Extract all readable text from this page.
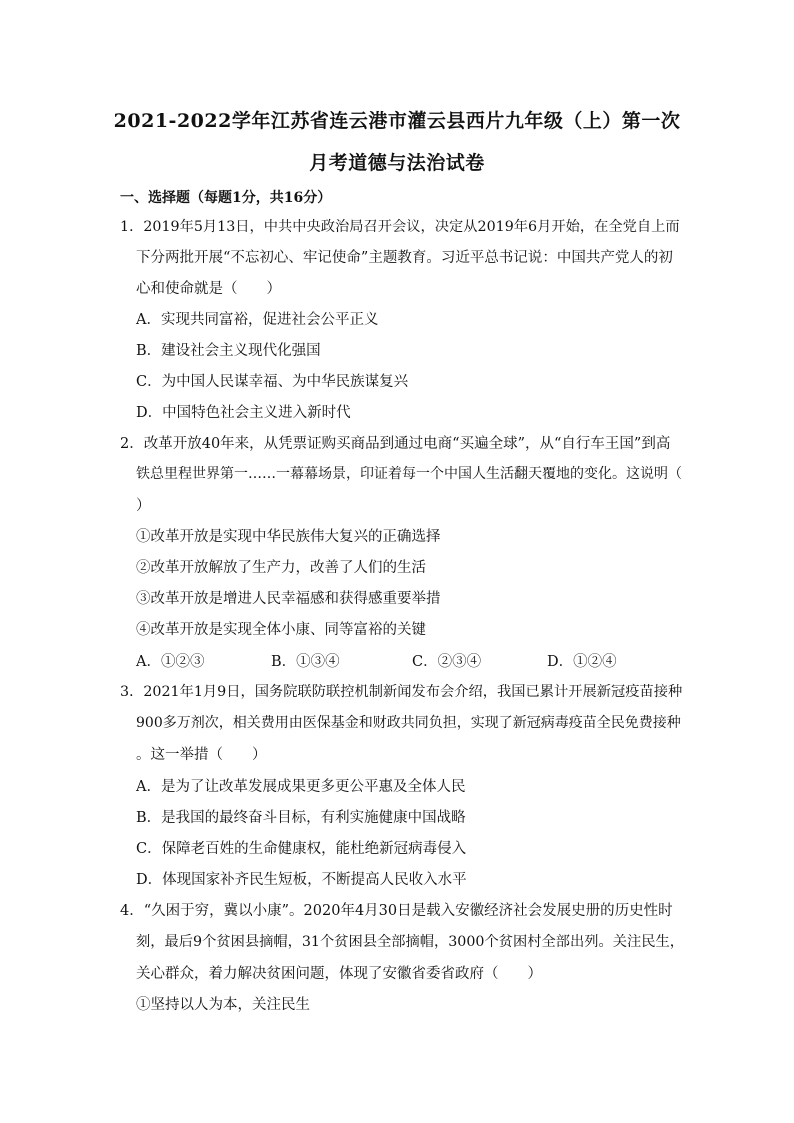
2021-2022学年江苏省连云港市灌云县西片九年级（上）第一次
月考道德与法治试卷
一、选择题（每题1分，共16分）
1．2019年5月13日，中共中央政治局召开会议，决定从2019年6月开始，在全党自上而
下分两批开展“不忘初心、牢记使命”主题教育。习近平总书记说：中国共产党人的初
心和使命就是（　　）
A．实现共同富裕，促进社会公平正义
B．建设社会主义现代化强国
C．为中国人民谋幸福、为中华民族谋复兴
D．中国特色社会主义进入新时代
2．改革开放40年来，从凭票证购买商品到通过电商“买遍全球”，从“自行车王国”到高
铁总里程世界第一……一幕幕场景，印证着每一个中国人生活翻天覆地的变化。这说明（
）
①改革开放是实现中华民族伟大复兴的正确选择
②改革开放解放了生产力，改善了人们的生活
③改革开放是增进人民幸福感和获得感重要举措
④改革开放是实现全体小康、同等富裕的关键
A．①②③	B．①③④	C．②③④	D．①②④
3．2021年1月9日，国务院联防联控机制新闻发布会介绍，我国已累计开展新冠疫苗接种
900多万剂次，相关费用由医保基金和财政共同负担，实现了新冠病毒疫苗全民免费接种
。这一举措（　　）
A．是为了让改革发展成果更多更公平惠及全体人民
B．是我国的最终奋斗目标，有利实施健康中国战略
C．保障老百姓的生命健康权，能杜绝新冠病毒侵入
D．体现国家补齐民生短板，不断提高人民收入水平
4．“久困于穷，冀以小康”。2020年4月30日是载入安徽经济社会发展史册的历史性时
刻，最后9个贫困县摘帽，31个贫困县全部摘帽，3000个贫困村全部出列。关注民生，
关心群众，着力解决贫困问题，体现了安徽省委省政府（　　）
①坚持以人为本，关注民生
